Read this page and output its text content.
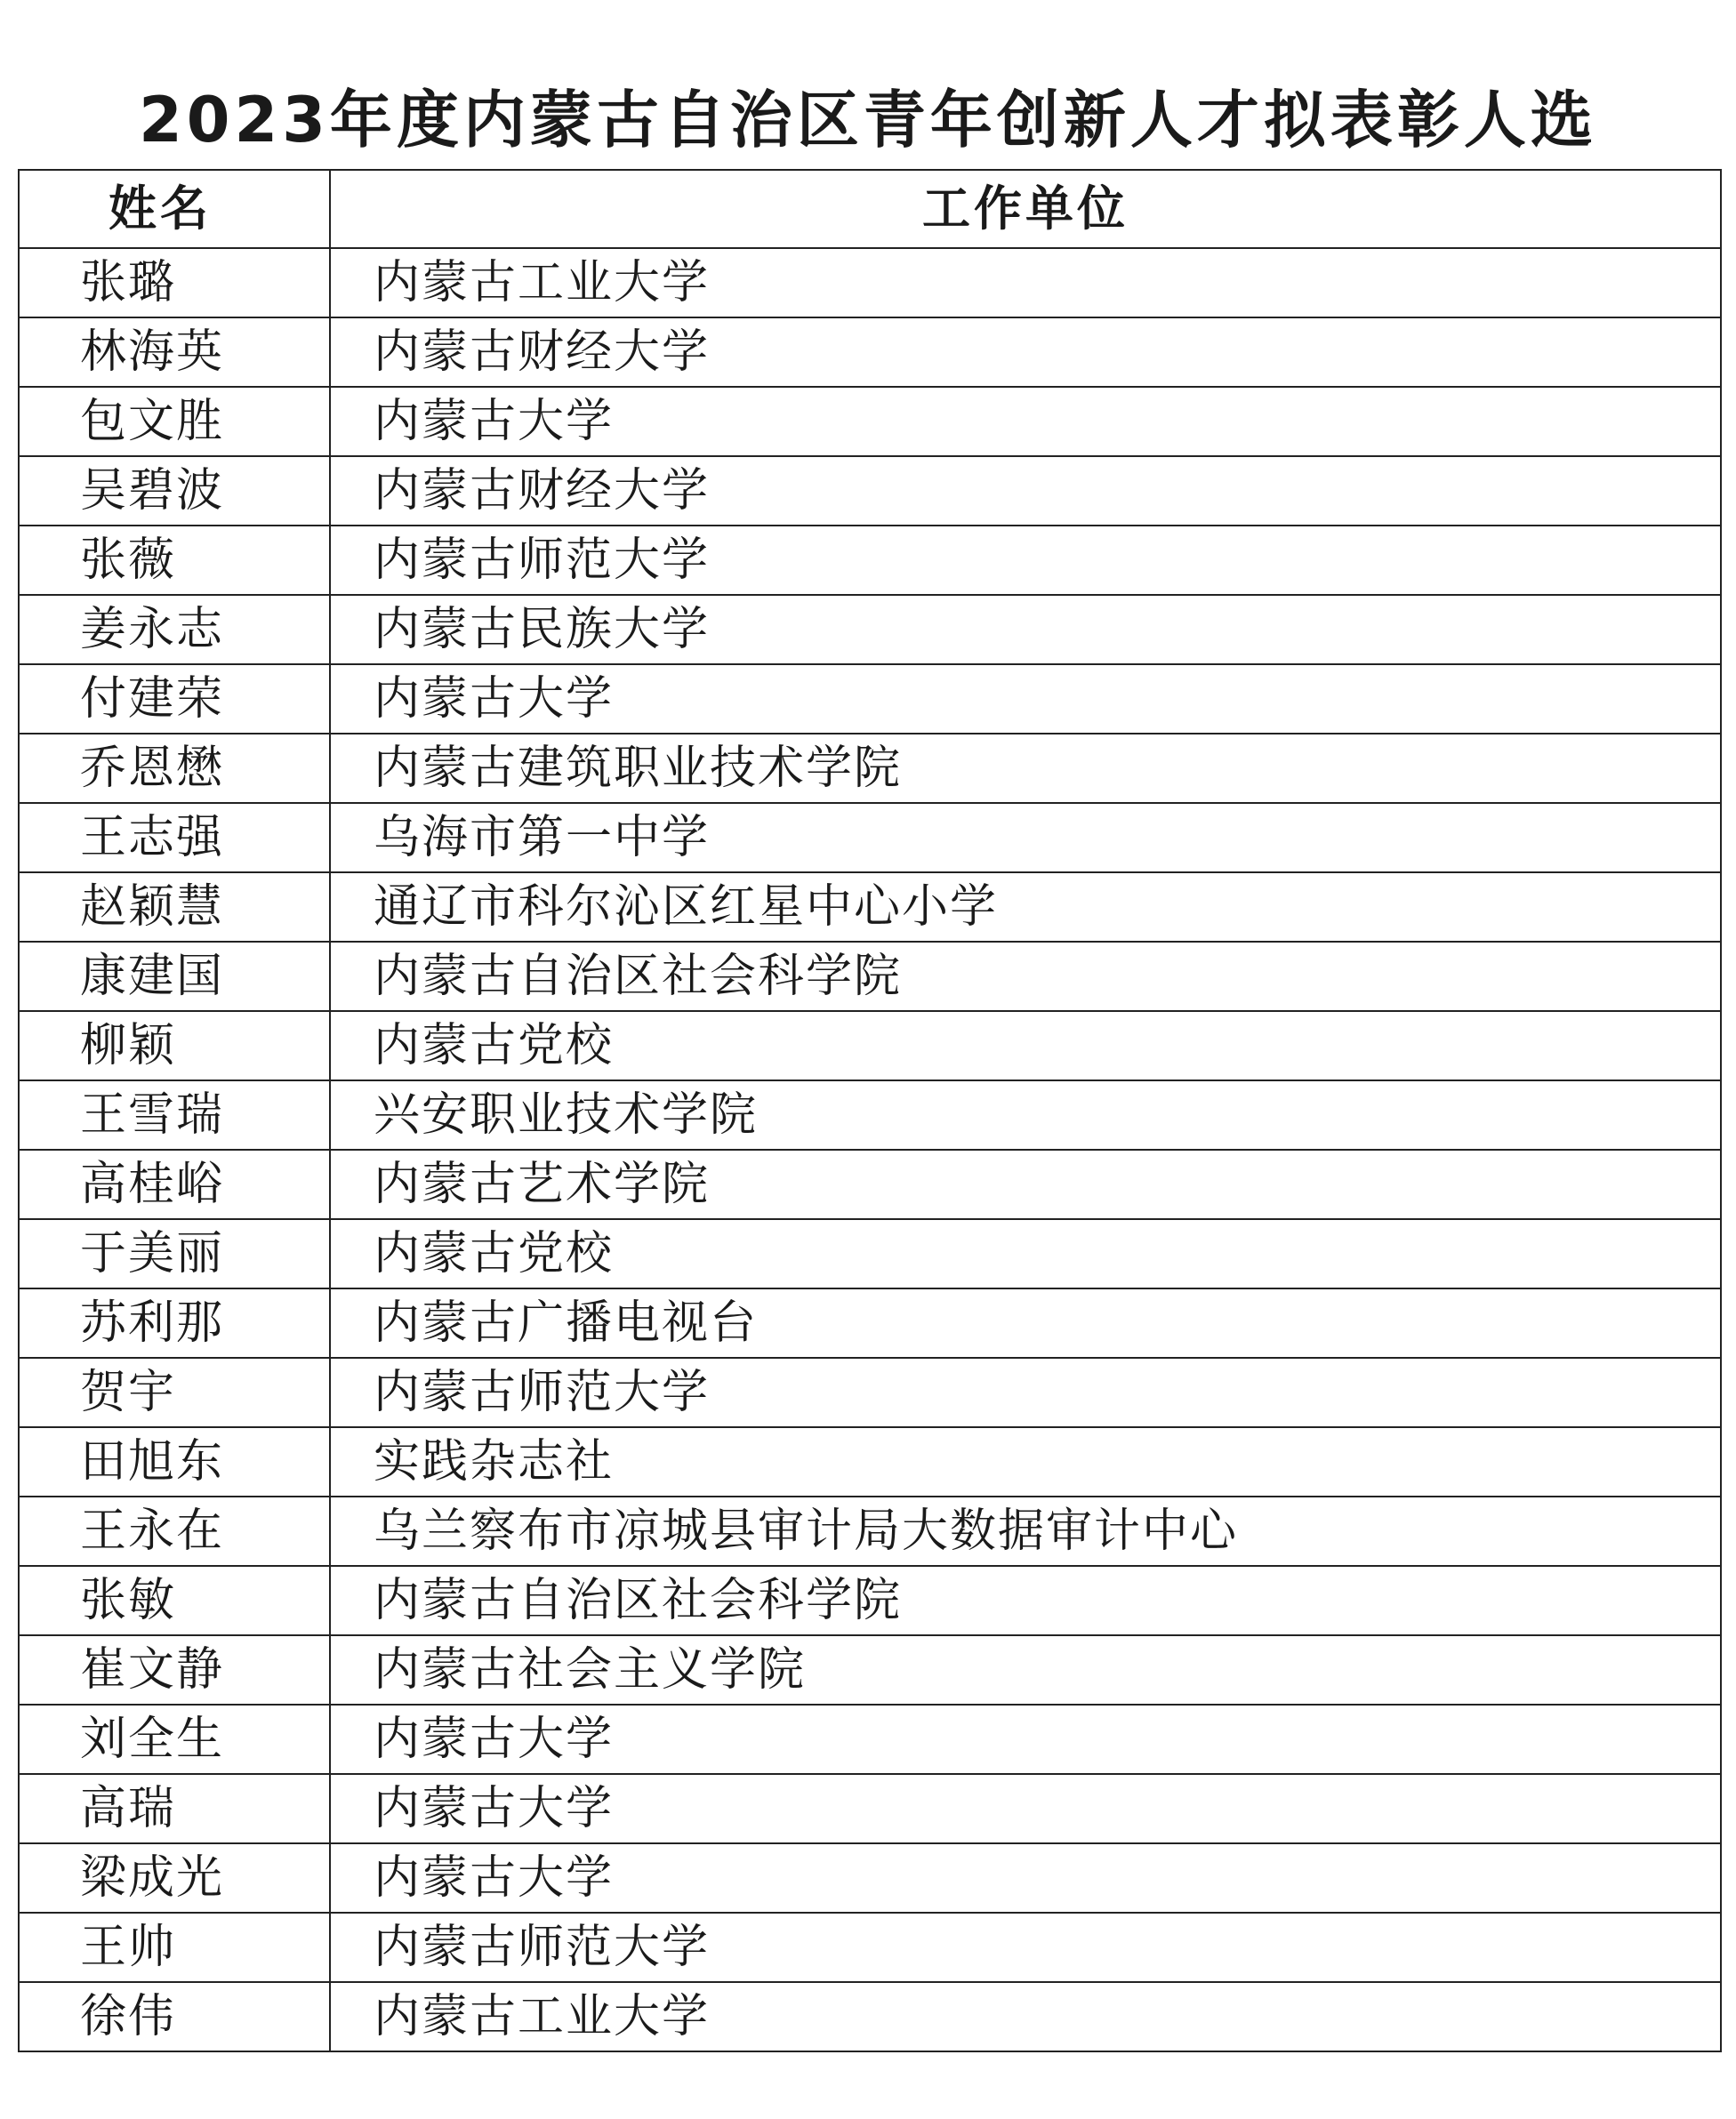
2023年度内蒙古自治区青年创新人才拟表彰人选
姓名	工作单位
张璐	内蒙古工业大学
林海英	内蒙古财经大学
包文胜	内蒙古大学
吴碧波	内蒙古财经大学
张薇	内蒙古师范大学
姜永志	内蒙古民族大学
付建荣	内蒙古大学
乔恩懋	内蒙古建筑职业技术学院
王志强	乌海市第一中学
赵颖慧	通辽市科尔沁区红星中心小学
康建国	内蒙古自治区社会科学院
柳颖	内蒙古党校
王雪瑞	兴安职业技术学院
高桂峪	内蒙古艺术学院
于美丽	内蒙古党校
苏利那	内蒙古广播电视台
贺宇	内蒙古师范大学
田旭东	实践杂志社
王永在	乌兰察布市凉城县审计局大数据审计中心
张敏	内蒙古自治区社会科学院
崔文静	内蒙古社会主义学院
刘全生	内蒙古大学
高瑞	内蒙古大学
梁成光	内蒙古大学
王帅	内蒙古师范大学
徐伟	内蒙古工业大学
